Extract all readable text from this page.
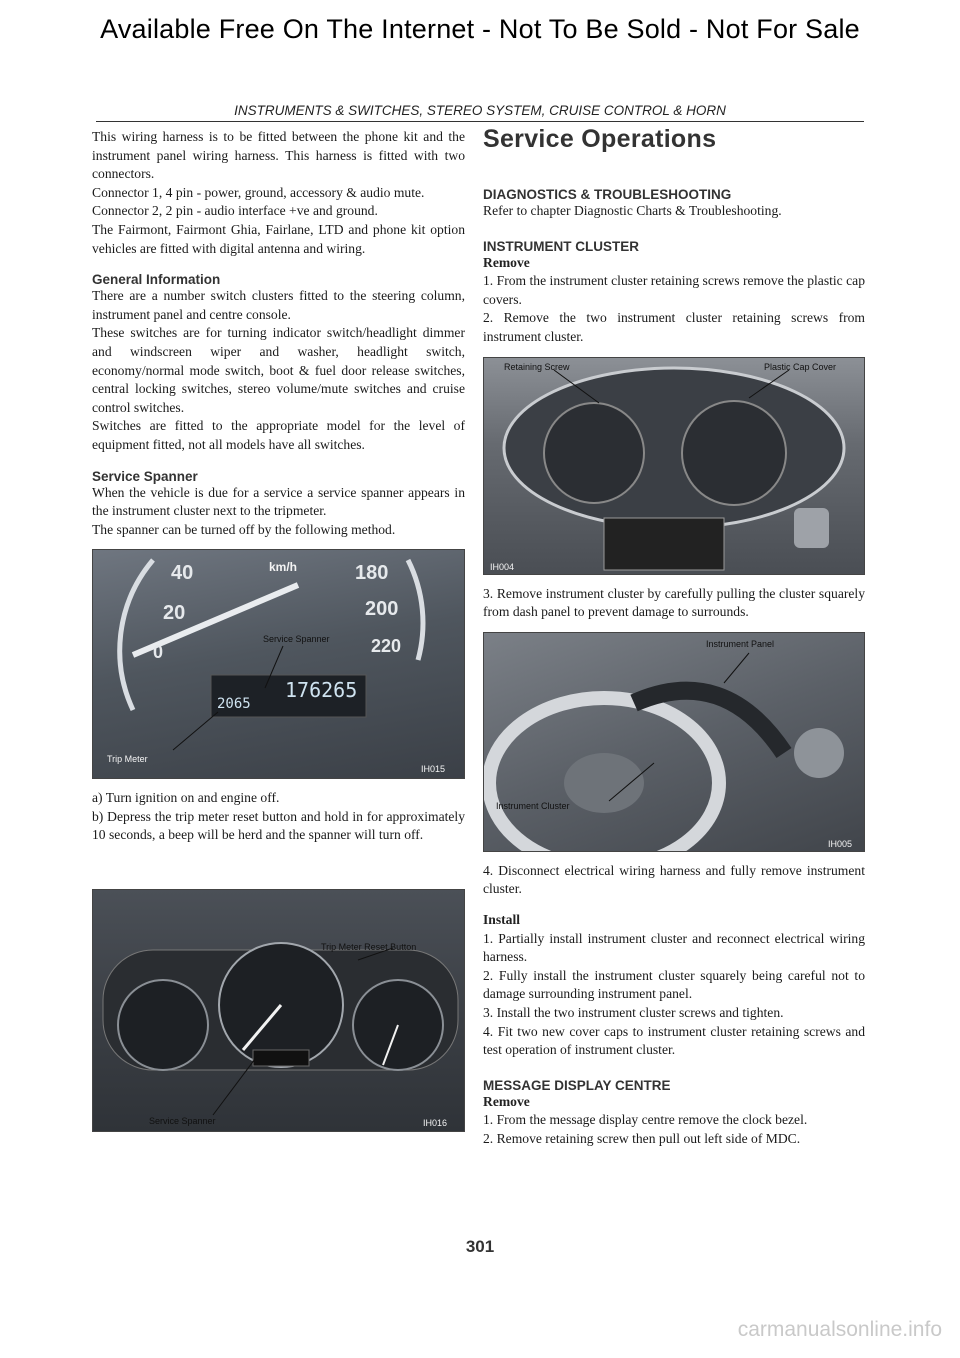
Available Free On The Internet - Not To Be Sold - Not For Sale
INSTRUMENTS & SWITCHES, STEREO SYSTEM, CRUISE CONTROL & HORN

This wiring harness is to be fitted between the phone kit and the instrument panel wiring harness. This harness is fitted with two connectors.

Connector 1, 4 pin - power, ground, accessory & audio mute.

Connector 2, 2 pin - audio interface +ve and ground.

The Fairmont, Fairmont Ghia, Fairlane, LTD and phone kit option vehicles are fitted with digital antenna and wiring.

General Information

There are a number switch clusters fitted to the steering column, instrument panel and centre console.

These switches are for turning indicator switch/headlight dimmer and windscreen wiper and washer, headlight switch, economy/normal mode switch, boot & fuel door release switches, central locking switches, stereo volume/mute switches and cruise control switches.

Switches are fitted to the appropriate model for the level of equipment fitted, not all models have all switches.

Service Spanner

When the vehicle is due for a service a service spanner appears in the instrument cluster next to the tripmeter.

The spanner can be turned off by the following method.

40
20
0
180
200
220
km/h
176265
2065
Service Spanner
Trip Meter
IH015

a) Turn ignition on and engine off.

b) Depress the trip meter reset button and hold in for approximately 10 seconds, a beep will be herd and the spanner will turn off.

Trip Meter Reset Button
Service Spanner	IH016
Service Operations
DIAGNOSTICS & TROUBLESHOOTING

Refer to chapter Diagnostic Charts & Troubleshooting.

INSTRUMENT CLUSTER
Remove

1. From the instrument cluster retaining screws remove the plastic cap covers.

2. Remove the two instrument cluster retaining screws from instrument cluster.

Retaining Screw	Plastic Cap Cover
IH004

3. Remove instrument cluster by carefully pulling the cluster squarely from dash panel to prevent damage to surrounds.

Instrument Panel
Instrument Cluster
IH005

4. Disconnect electrical wiring harness and fully remove instrument cluster.

Install

1. Partially install instrument cluster and reconnect electrical wiring harness.

2. Fully install the instrument cluster squarely being careful not to damage surrounding instrument panel.

3. Install the two instrument cluster screws and tighten.

4. Fit two new cover caps to instrument cluster retaining screws and test operation of instrument cluster.

MESSAGE DISPLAY CENTRE
Remove

1. From the message display centre remove the clock bezel.

2. Remove retaining screw then pull out left side of MDC.

301
carmanualsonline.info
